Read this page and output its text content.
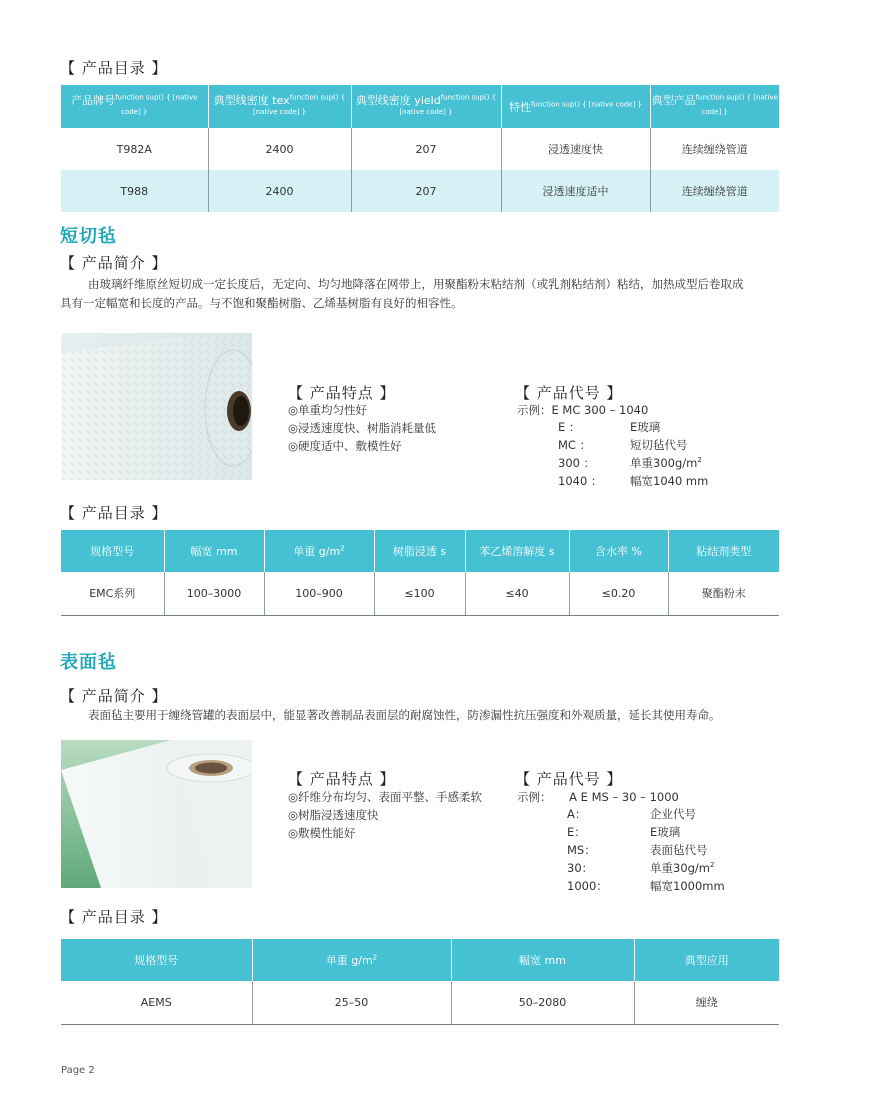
【 产品目录 】
产品牌号$^{function sup() \{ [native code] \}}$	典型线密度 tex$^{function sup() \{ [native code] \}}$	典型线密度 yield$^{function sup() \{ [native code] \}}$	特性$^{function sup() \{ [native code] \}}$	典型产品$^{function sup() \{ [native code] \}}$
T982A	2400	207	浸透速度快	连续缠绕管道
T988	2400	207	浸透速度适中	连续缠绕管道
短切毡
【 产品简介 】
由玻璃纤维原丝短切成一定长度后，无定向、均匀地降落在网带上，用聚酯粉末粘结剂（或乳剂粘结剂）粘结，加热成型后卷取成
具有一定幅宽和长度的产品。与不饱和聚酯树脂、乙烯基树脂有良好的相容性。
【 产品特点 】
◎单重均匀性好
◎浸透速度快、树脂消耗量低
◎硬度适中、敷模性好
【 产品代号 】
示例：E MC 300 – 1040
E ：	E玻璃
MC ：	短切毡代号
300 ：	单重$300g/m^2$
1040 ： 幅宽1040 mm
【 产品目录 】
规格型号	幅宽 mm	单重 $g/m^2$	树脂浸透 s	苯乙烯溶解度 s	含水率 %	粘结剂类型
EMC系列	100–3000	100–900	≤100	≤40	≤0.20	聚酯粉末
表面毡
【 产品简介 】
表面毡主要用于缠绕管罐的表面层中，能显著改善制品表面层的耐腐蚀性，防渗漏性抗压强度和外观质量，延长其使用寿命。
【 产品特点 】
◎纤维分布均匀、表面平整、手感柔软
◎树脂浸透速度快
◎敷模性能好
【 产品代号 】
示例： A E MS – 30 – 1000
A：	企业代号
E：	E玻璃
MS：	表面毡代号
30：	单重$30g/m^2$
1000：	幅宽1000mm
【 产品目录 】
规格型号	单重 $g/m^2$	幅宽 mm	典型应用
AEMS	25–50	50–2080	缠绕
Page 2
